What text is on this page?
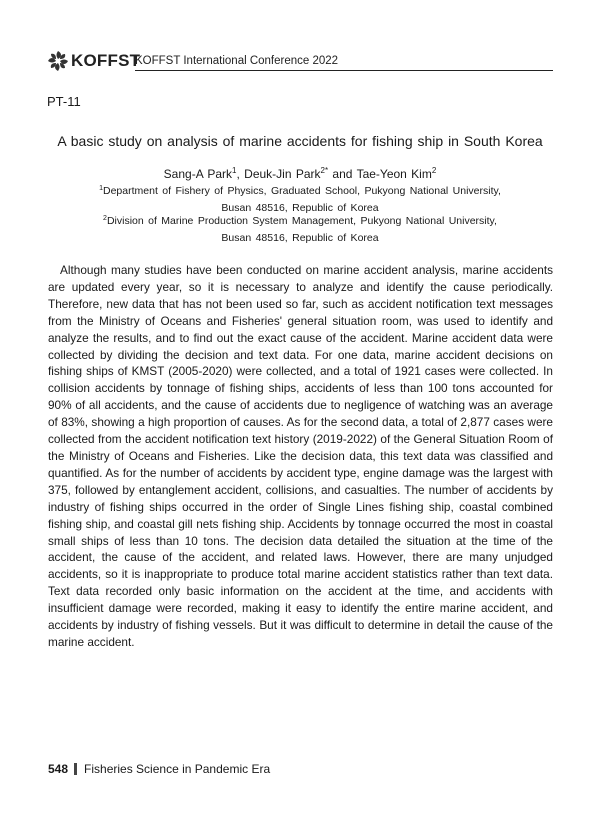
KOFFST
KOFFST International Conference 2022
PT-11
A basic study on analysis of marine accidents for fishing ship in South Korea
Sang-A Park$^1$, Deuk-Jin Park$^{2*}$ and Tae-Yeon Kim$^2$
$^1$Department of Fishery of Physics, Graduated School, Pukyong National University,
Busan 48516, Republic of Korea
$^2$Division of Marine Production System Management, Pukyong National University,
Busan 48516, Republic of Korea

Although many studies have been conducted on marine accident analysis, marine accidents are updated every year, so it is necessary to analyze and identify the cause periodically. Therefore, new data that has not been used so far, such as accident notification text messages from the Ministry of Oceans and Fisheries' general situation room, was used to identify and analyze the results, and to find out the exact cause of the accident. Marine accident data were collected by dividing the decision and text data. For one data, marine accident decisions on fishing ships of KMST (2005-2020) were collected, and a total of 1921 cases were collected. In collision accidents by tonnage of fishing ships, accidents of less than 100 tons accounted for 90% of all accidents, and the cause of accidents due to negligence of watching was an average of 83%, showing a high proportion of causes. As for the second data, a total of 2,877 cases were collected from the accident notification text history (2019-2022) of the General Situation Room of the Ministry of Oceans and Fisheries. Like the decision data, this text data was classified and quantified. As for the number of accidents by accident type, engine damage was the largest with 375, followed by entanglement accident, collisions, and casualties. The number of accidents by industry of fishing ships occurred in the order of Single Lines fishing ship, coastal combined fishing ship, and coastal gill nets fishing ship. Accidents by tonnage occurred the most in coastal small ships of less than 10 tons. The decision data detailed the situation at the time of the accident, the cause of the accident, and related laws. However, there are many unjudged accidents, so it is inappropriate to produce total marine accident statistics rather than text data. Text data recorded only basic information on the accident at the time, and accidents with insufficient damage were recorded, making it easy to identify the entire marine accident, and accidents by industry of fishing vessels. But it was difficult to determine in detail the cause of the marine accident.

548 Fisheries Science in Pandemic Era
